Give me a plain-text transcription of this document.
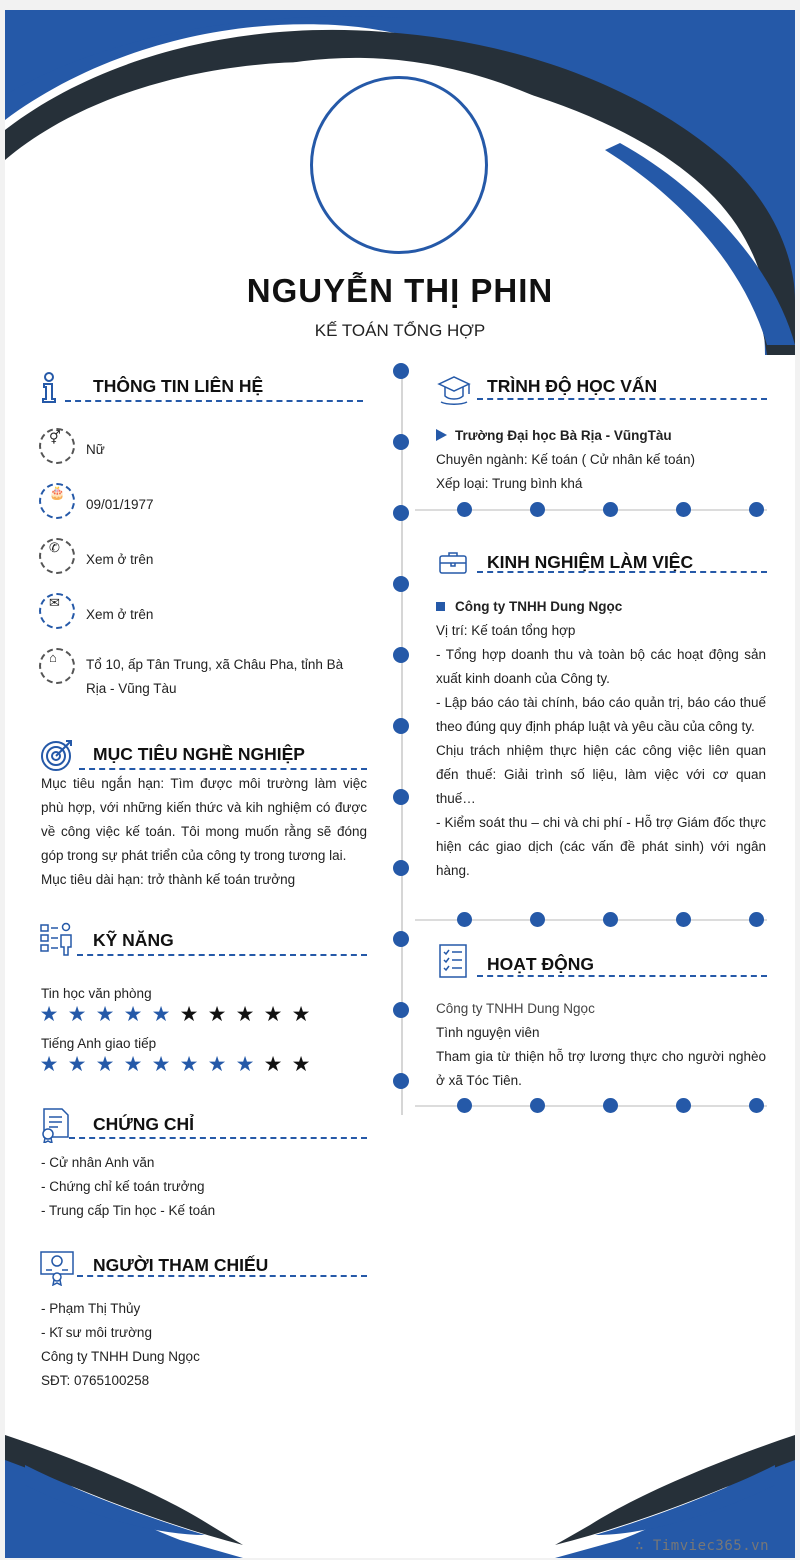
NGUYỄN THỊ PHIN
KẾ TOÁN TỔNG HỢP
THÔNG TIN LIÊN HỆ
⚥
Nữ
🎂
09/01/1977
✆
Xem ở trên
✉
Xem ở trên
⌂ Tổ 10, ấp Tân Trung, xã Châu Pha, tỉnh Bà Rịa - Vũng Tàu
MỤC TIÊU NGHỀ NGHIỆP
Mục tiêu ngắn hạn: Tìm được môi trường làm việc phù hợp, với những kiến thức và kih nghiệm có được về công việc kế toán. Tôi mong muốn rằng sẽ đóng góp trong sự phát triển của công ty trong tương lai.
Mục tiêu dài hạn: trở thành kế toán trưởng
KỸ NĂNG
Tin học văn phòng
★ ★ ★ ★ ★ ★ ★ ★ ★ ★
Tiếng Anh giao tiếp
★ ★ ★ ★ ★ ★ ★ ★ ★ ★
CHỨNG CHỈ
- Cử nhân Anh văn
- Chứng chỉ kế toán trưởng
- Trung cấp Tin học - Kế toán
NGƯỜI THAM CHIẾU
- Phạm Thị Thủy
- Kĩ sư môi trường
Công ty TNHH Dung Ngọc
SĐT: 0765100258
TRÌNH ĐỘ HỌC VẤN
Trường Đại học Bà Rịa - VũngTàu
Chuyên ngành: Kế toán ( Cử nhân kế toán)
Xếp loại: Trung bình khá
KINH NGHIỆM LÀM VIỆC
Công ty TNHH Dung Ngọc
Vị trí: Kế toán tổng hợp
- Tổng hợp doanh thu và toàn bộ các hoạt động sản xuất kinh doanh của Công ty.
- Lập báo cáo tài chính, báo cáo quản trị, báo cáo thuế theo đúng quy định pháp luật và yêu cầu của công ty.
Chịu trách nhiệm thực hiện các công việc liên quan đến thuế: Giải trình số liệu, làm việc với cơ quan thuế…
- Kiểm soát thu – chi và chi phí - Hỗ trợ Giám đốc thực hiện các giao dịch (các vấn đề phát sinh) với ngân hàng.
HOẠT ĐỘNG
Công ty TNHH Dung Ngọc
Tình nguyện viên
Tham gia từ thiện hỗ trợ lương thực cho người nghèo ở xã Tóc Tiên.
∴ Timviec365.vn
